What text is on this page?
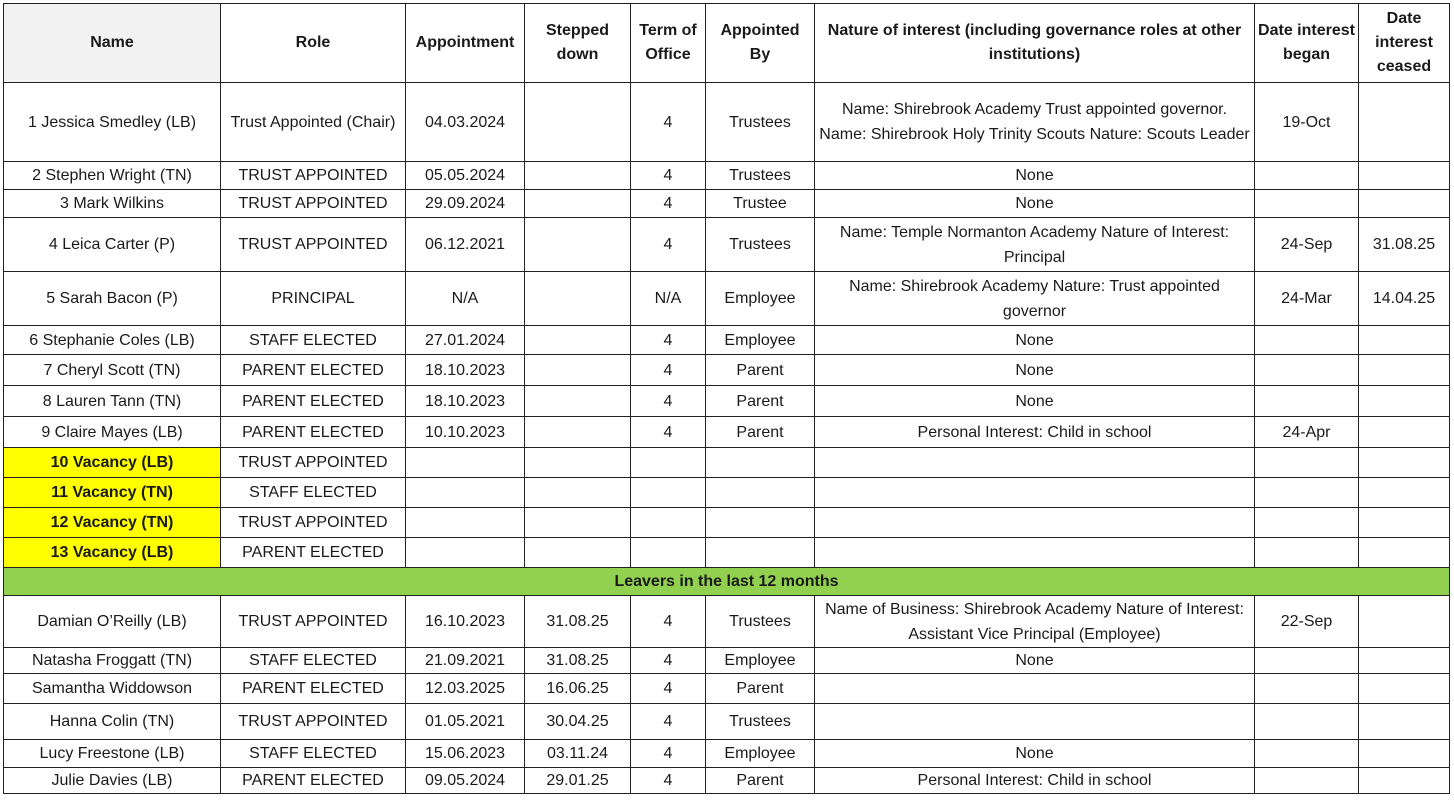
Name	Role	Appointment	Stepped down	Term of Office	Appointed By	Nature of interest (including governance roles at other institutions)	Date interest began	Date interest ceased
1 Jessica Smedley (LB)	Trust Appointed (Chair)	04.03.2024		4	Trustees	Name: Shirebrook Academy Trust appointed governor. Name: Shirebrook Holy Trinity Scouts Nature: Scouts Leader	19-Oct	
2 Stephen Wright (TN)	TRUST APPOINTED	05.05.2024		4	Trustees	None		
3 Mark Wilkins	TRUST APPOINTED	29.09.2024		4	Trustee	None		
4 Leica Carter (P)	TRUST APPOINTED	06.12.2021		4	Trustees	Name: Temple Normanton Academy Nature of Interest: Principal	24-Sep	31.08.25
5 Sarah Bacon (P)	PRINCIPAL	N/A		N/A	Employee	Name: Shirebrook Academy Nature: Trust appointed governor	24-Mar	14.04.25
6 Stephanie Coles (LB)	STAFF ELECTED	27.01.2024		4	Employee	None		
7 Cheryl Scott (TN)	PARENT ELECTED	18.10.2023		4	Parent	None		
8 Lauren Tann (TN)	PARENT ELECTED	18.10.2023		4	Parent	None		
9 Claire Mayes (LB)	PARENT ELECTED	10.10.2023		4	Parent	Personal Interest: Child in school	24-Apr	
10 Vacancy (LB)	TRUST APPOINTED							
11 Vacancy (TN)	STAFF ELECTED							
12 Vacancy (TN)	TRUST APPOINTED							
13 Vacancy (LB)	PARENT ELECTED							
Leavers in the last 12 months								
Damian O’Reilly (LB)	TRUST APPOINTED	16.10.2023	31.08.25	4	Trustees	Name of Business: Shirebrook Academy Nature of Interest: Assistant Vice Principal (Employee)	22-Sep	
Natasha Froggatt (TN)	STAFF ELECTED	21.09.2021	31.08.25	4	Employee	None		
Samantha Widdowson	PARENT ELECTED	12.03.2025	16.06.25	4	Parent			
Hanna Colin (TN)	TRUST APPOINTED	01.05.2021	30.04.25	4	Trustees			
Lucy Freestone (LB)	STAFF ELECTED	15.06.2023	03.11.24	4	Employee	None		
Julie Davies (LB)	PARENT ELECTED	09.05.2024	29.01.25	4	Parent	Personal Interest: Child in school		
